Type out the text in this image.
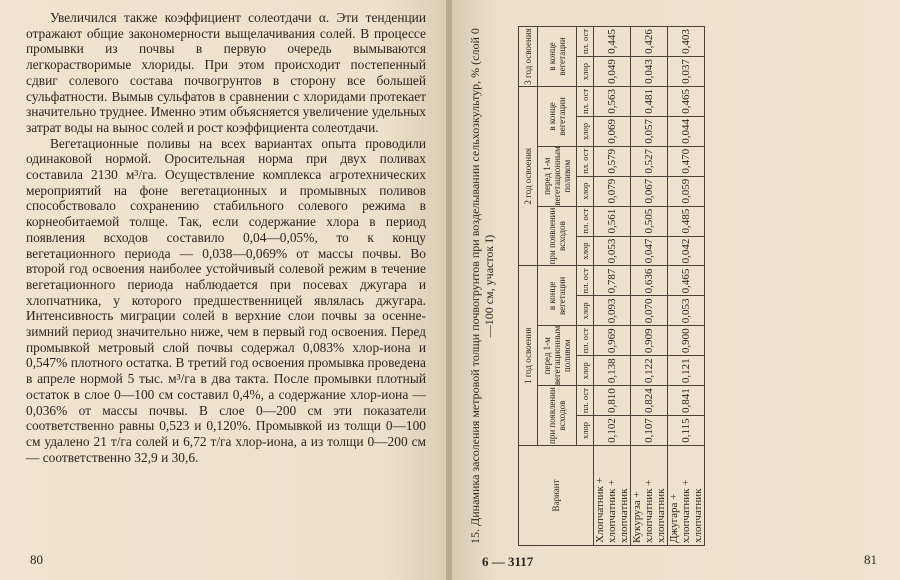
Увеличился также коэффициент солеотдачи α. Эти тенденции отражают общие закономерности выщелачивания солей. В процессе промывки из почвы в первую очередь вымываются легкорастворимые хлориды. При этом происходит постепенный сдвиг солевого состава почвогрунтов в сторону все большей сульфатности. Вымыв сульфатов в сравнении с хлоридами протекает значительно труднее. Именно этим объясняется увеличение удельных затрат воды на вынос солей и рост коэффициента солеотдачи.

Вегетационные поливы на всех вариантах опыта проводили одинаковой нормой. Оросительная норма при двух поливах составила 2130 м³/га. Осуществление комплекса агротехнических мероприятий на фоне вегетационных и промывных поливов способствовало сохранению стабильного солевого режима в корнеобитаемой толще. Так, если содержание хлора в период появления всходов составило 0,04—0,05%, то к концу вегетационного периода — 0,038—0,069% от массы почвы. Во второй год освоения наиболее устойчивый солевой режим в течение вегетационного периода наблюдается при посевах джугара и хлопчатника, у которого предшественницей являлась джугара. Интенсивность миграции солей в верхние слои почвы за осенне-зимний период значительно ниже, чем в первый год освоения. Перед промывкой метровый слой почвы содержал 0,083% хлор-иона и 0,547% плотного остатка. В третий год освоения промывка проведена в апреле нормой 5 тыс. м³/га в два такта. После промывки плотный остаток в слое 0—100 см составил 0,4%, а содержание хлор-иона — 0,036% от массы почвы. В слое 0—200 см эти показатели соответственно равны 0,523 и 0,120%. Промывкой из толщи 0—100 см удалено 21 т/га солей и 6,72 т/га хлор-иона, а из толщи 0—200 см — соответственно 32,9 и 30,6.

80
15. Динамика засоления метровой толщи почвогрунтов при возделывании сельхозкультур, % (слой 0—100 см, участок I)
Вариант	1 год освоения						2 год освоения						3 год освоения	
	при появлении всходов		перед 1-м вегетационным поливом		в конце вегетации		при появлении всходов		перед 1-м вегетационным поливом		в конце вегетации		в конце вегетации	
	хлор	пл. ост	хлор	пл. ост	хлор	пл. ост	хлор	пл. ост	хлор	пл. ост	хлор	пл. ост	хлор	пл. ост
Хлопчатник + хлопчатник + хлопчатник	0,102	0,810	0,138	0,969	0,093	0,787	0,053	0,561	0,079	0,579	0,069	0,563	0,049	0,445
Кукуруза + хлопчатник + хлопчатник	0,107	0,824	0,122	0,909	0,070	0,636	0,047	0,505	0,067	0,527	0,057	0,481	0,043	0,426
Джугара + хлопчатник + хлопчатник	0,115	0,841	0,121	0,900	0,053	0,465	0,042	0,485	0,059	0,470	0,044	0,465	0,037	0,403
6 — 3117	81
